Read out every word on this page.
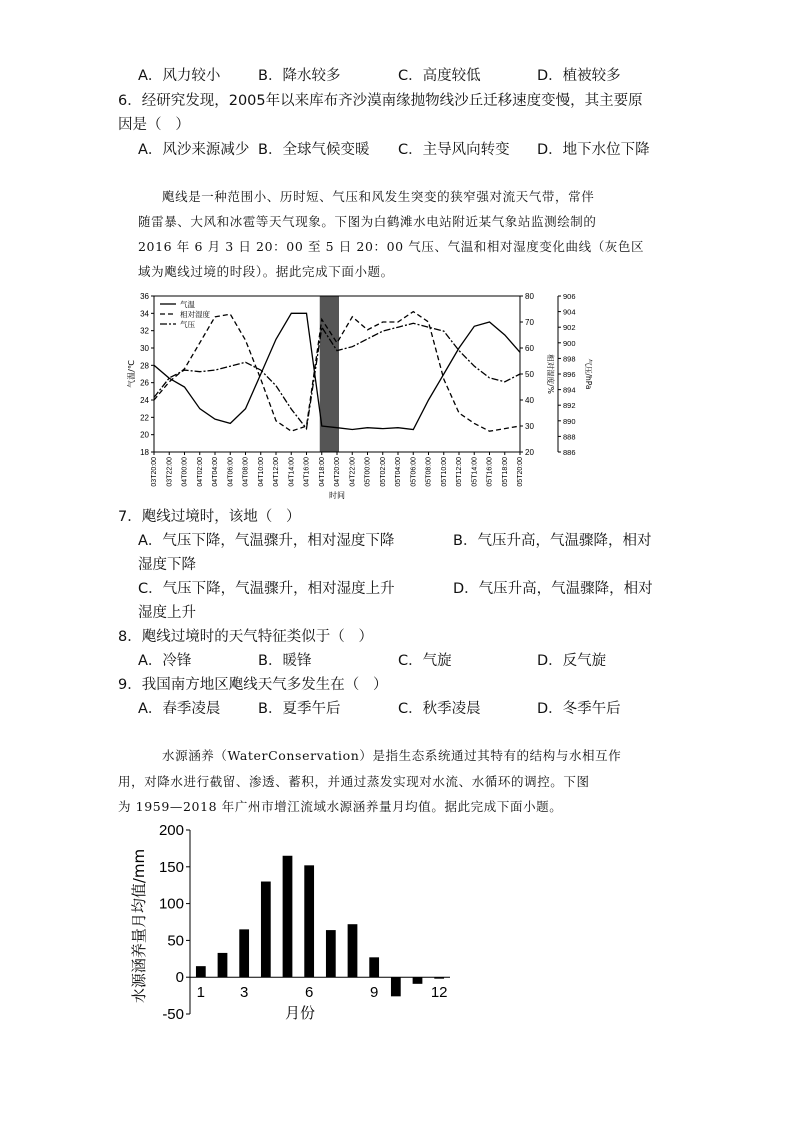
A．风力较小	B．降水较多	C．高度较低	D．植被较多
6．经研究发现，2005年以来库布齐沙漠南缘抛物线沙丘迁移速度变慢，其主要原
因是（   ）
A．风沙来源减少 B．全球气候变暖 C．主导风向转变 D．地下水位下降
飑线是一种范围小、历时短、气压和风发生突变的狭窄强对流天气带，常伴
随雷暴、大风和冰雹等天气现象。下图为白鹤滩水电站附近某气象站监测绘制的
2016 年 6 月 3 日 20：00 至 5 日 20：00 气压、气温和相对湿度变化曲线（灰色区
域为飑线过境的时段）。据此完成下面小题。
18
20
22
24
26
28
30
32
34
36
20
30
40
50
60
70
80
886
888
890
892
894
896
898
900
902
904
906
气温/℃	相对湿度/%	气压/hPa
03T20:00 03T22:00 04T00:00 04T02:00 04T04:00 04T06:00 04T08:00 04T10:00 04T12:00 04T14:00 04T16:00 04T18:00 04T20:00 04T22:00 05T00:00 05T02:00 05T04:00 05T06:00 05T08:00 05T10:00 05T12:00 05T14:00 05T16:00 05T18:00 05T20:00
时间
气温
相对湿度
气压
7．飑线过境时，该地（   ）
A．气压下降，气温骤升，相对湿度下降	B．气压升高，气温骤降，相对
湿度下降
C．气压下降，气温骤升，相对湿度上升	D．气压升高，气温骤降，相对
湿度上升
8．飑线过境时的天气特征类似于（   ）
A．冷锋	B．暖锋	C．气旋	D．反气旋
9．我国南方地区飑线天气多发生在（   ）
A．春季凌晨	B．夏季午后	C．秋季凌晨	D．冬季午后
水源涵养（WaterConservation）是指生态系统通过其特有的结构与水相互作
用，对降水进行截留、渗透、蓄积，并通过蒸发实现对水流、水循环的调控。下图
为 1959—2018 年广州市增江流域水源涵养量月均值。据此完成下面小题。
-50
0
50
100
150
200
1 3	6	9	12
月份
水源涵养量月均值/mm
